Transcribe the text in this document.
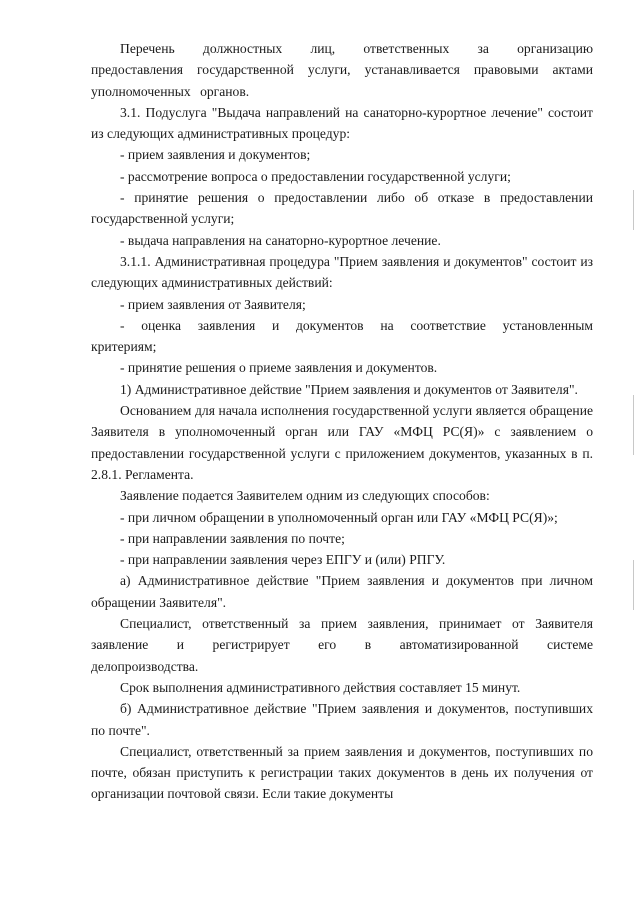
Перечень должностных лиц, ответственных за организацию предоставления государственной услуги, устанавливается правовыми актами уполномоченных органов.

3.1. Подуслуга "Выдача направлений на санаторно-курортное лечение" состоит из следующих административных процедур:

- прием заявления и документов;

- рассмотрение вопроса о предоставлении государственной услуги;

- принятие решения о предоставлении либо об отказе в предоставлении государственной услуги;

- выдача направления на санаторно-курортное лечение.

3.1.1. Административная процедура "Прием заявления и документов" состоит из следующих административных действий:

- прием заявления от Заявителя;

- оценка заявления и документов на соответствие установленным критериям;

- принятие решения о приеме заявления и документов.

1) Административное действие "Прием заявления и документов от Заявителя".

Основанием для начала исполнения государственной услуги является обращение Заявителя в уполномоченный орган или ГАУ «МФЦ РС(Я)» с заявлением о предоставлении государственной услуги с приложением документов, указанных в п. 2.8.1. Регламента.

Заявление подается Заявителем одним из следующих способов:

- при личном обращении в уполномоченный орган или ГАУ «МФЦ РС(Я)»;

- при направлении заявления по почте;

- при направлении заявления через ЕПГУ и (или) РПГУ.

а) Административное действие "Прием заявления и документов при личном обращении Заявителя".

Специалист, ответственный за прием заявления, принимает от Заявителя заявление и регистрирует его в автоматизированной системе делопроизводства.

Срок выполнения административного действия составляет 15 минут.

б) Административное действие "Прием заявления и документов, поступивших по почте".

Специалист, ответственный за прием заявления и документов, поступивших по почте, обязан приступить к регистрации таких документов в день их получения от организации почтовой связи. Если такие документы
